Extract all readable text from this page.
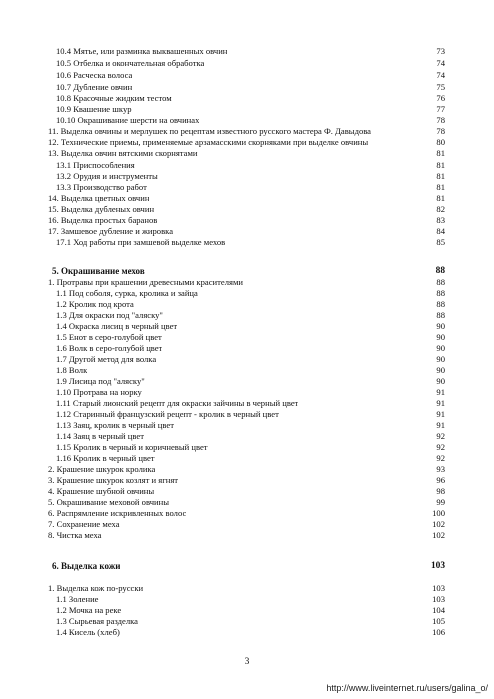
10.4 Мятье, или разминка выквашенных овчин	73
10.5 Отбелка и окончательная обработка	74
10.6 Расческа волоса	74
10.7 Дубление овчин	75
10.8 Красочные жидким тестом	76
10.9 Квашение шкур	77
10.10 Окрашивание шерсти на овчинах	78
11. Выделка овчины и мерлушек по рецептам известного русского мастера Ф. Давыдова	78
12. Технические приемы, применяемые арзамасскими скорняками при выделке овчины	80
13. Выделка овчин вятскими скорнятами	81
13.1 Приспособления	81
13.2 Орудия и инструменты	81
13.3 Производство работ	81
14. Выделка цветных овчин	81
15. Выделка дубленых овчин	82
16. Выделка простых баранов	83
17. Замшевое дубление и жировка	84
17.1 Ход работы при замшевой выделке мехов	85
5. Окрашивание мехов	88
1. Протравы при крашении древесными красителями	88
1.1 Под соболя, сурка, кролика и зайца	88
1.2 Кролик под крота	88
1.3 Для окраски под "аляску"	88
1.4 Окраска лисиц в черный цвет	90
1.5 Енот в серо-голубой цвет	90
1.6 Волк в серо-голубой цвет	90
1.7 Другой метод для волка	90
1.8 Волк	90
1.9 Лисица под "аляску"	90
1.10 Протрава на норку	91
1.11 Старый лионский рецепт для окраски зайчины в черный цвет	91
1.12 Старинный французский рецепт - кролик в черный цвет	91
1.13 Заяц, кролик в черный цвет	91
1.14 Заяц в черный цвет	92
1.15 Кролик в черный и коричневый цвет	92
1.16 Кролик в черный цвет	92
2. Крашение шкурок кролика	93
3. Крашение шкурок козлят и ягнят	96
4. Крашение шубной овчины	98
5. Окрашивание меховой овчины	99
6. Распрямление искривленных волос	100
7. Сохранение меха	102
8. Чистка меха	102
6. Выделка кожи	103
1. Выделка кож по-русски	103
1.1 Золение	103
1.2 Мочка на реке	104
1.3 Сырьевая разделка	105
1.4 Кисель (хлеб)	106
3
http://www.liveinternet.ru/users/galina_o/
